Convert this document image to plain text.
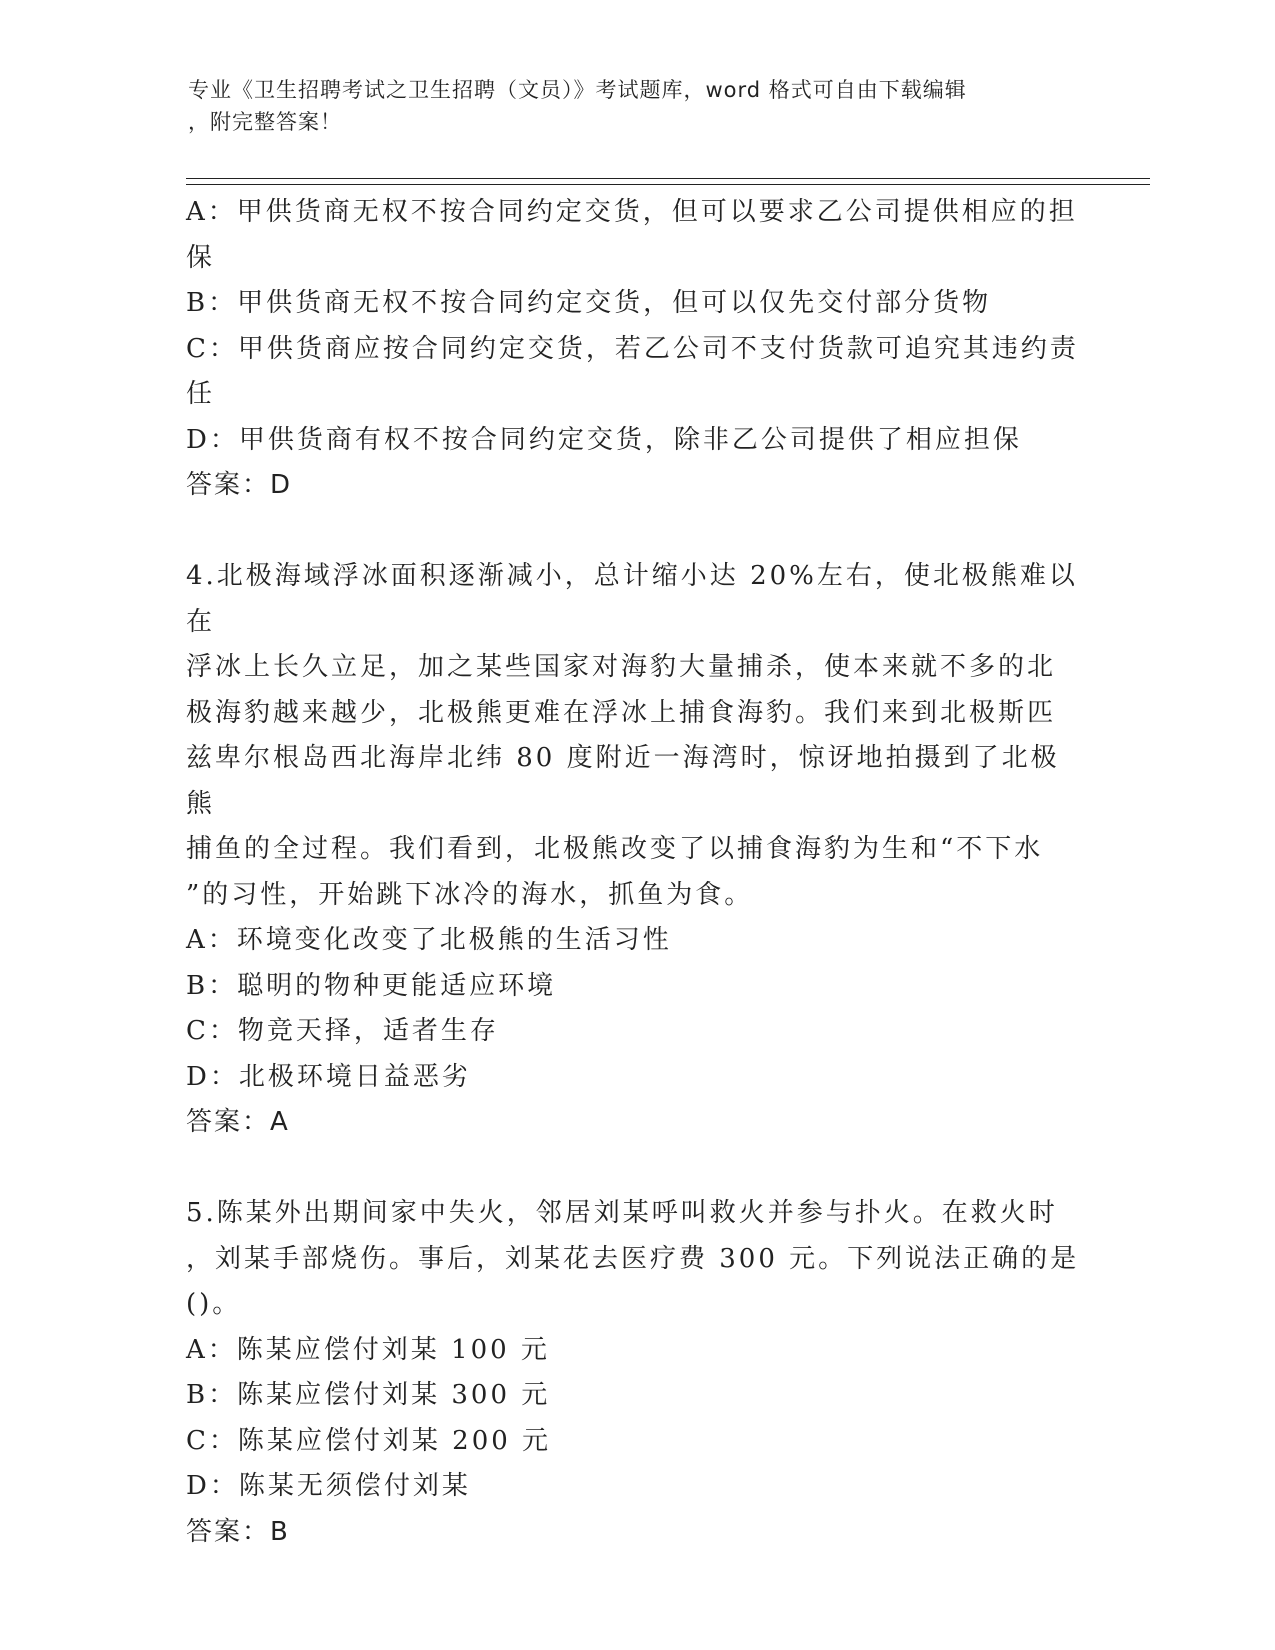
专业《卫生招聘考试之卫生招聘（文员）》考试题库，word 格式可自由下载编辑
，附完整答案！
A：甲供货商无权不按合同约定交货，但可以要求乙公司提供相应的担
保
B：甲供货商无权不按合同约定交货，但可以仅先交付部分货物
C：甲供货商应按合同约定交货，若乙公司不支付货款可追究其违约责
任
D：甲供货商有权不按合同约定交货，除非乙公司提供了相应担保
答案：D
4.北极海域浮冰面积逐渐减小，总计缩小达 20%左右，使北极熊难以在
浮冰上长久立足，加之某些国家对海豹大量捕杀，使本来就不多的北
极海豹越来越少，北极熊更难在浮冰上捕食海豹。我们来到北极斯匹
兹卑尔根岛西北海岸北纬 80 度附近一海湾时，惊讶地拍摄到了北极熊
捕鱼的全过程。我们看到，北极熊改变了以捕食海豹为生和“不下水
”的习性，开始跳下冰冷的海水，抓鱼为食。
A：环境变化改变了北极熊的生活习性
B：聪明的物种更能适应环境
C：物竞天择，适者生存
D：北极环境日益恶劣
答案：A
5.陈某外出期间家中失火，邻居刘某呼叫救火并参与扑火。在救火时
，刘某手部烧伤。事后，刘某花去医疗费 300 元。下列说法正确的是
()。
A：陈某应偿付刘某 100 元
B：陈某应偿付刘某 300 元
C：陈某应偿付刘某 200 元
D：陈某无须偿付刘某
答案：B
